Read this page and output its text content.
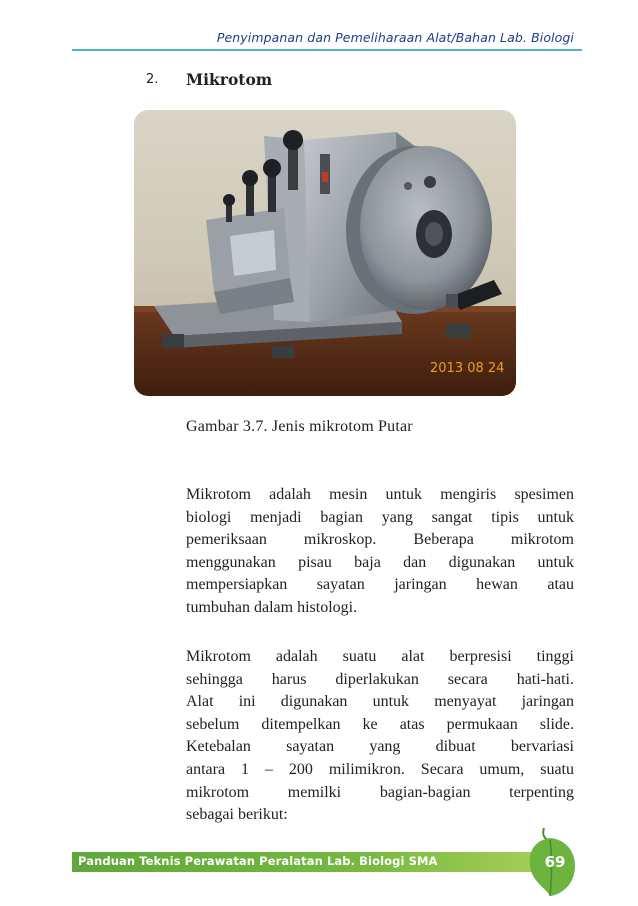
Penyimpanan dan Pemeliharaan Alat/Bahan Lab. Biologi
2. Mikrotom
2013 08 24
Gambar 3.7. Jenis mikrotom Putar
Mikrotom adalah mesin untuk mengiris spesimen
biologi menjadi bagian yang sangat tipis untuk
pemeriksaan mikroskop. Beberapa mikrotom
menggunakan pisau baja dan digunakan untuk
mempersiapkan sayatan jaringan hewan atau
tumbuhan dalam histologi.
Mikrotom adalah suatu alat berpresisi tinggi
sehingga harus diperlakukan secara hati-hati.
Alat ini digunakan untuk menyayat jaringan
sebelum ditempelkan ke atas permukaan slide.
Ketebalan sayatan yang dibuat bervariasi
antara 1 – 200 milimikron. Secara umum, suatu
mikrotom memilki bagian-bagian terpenting
sebagai berikut:
Panduan Teknis Perawatan Peralatan Lab. Biologi SMA	69
